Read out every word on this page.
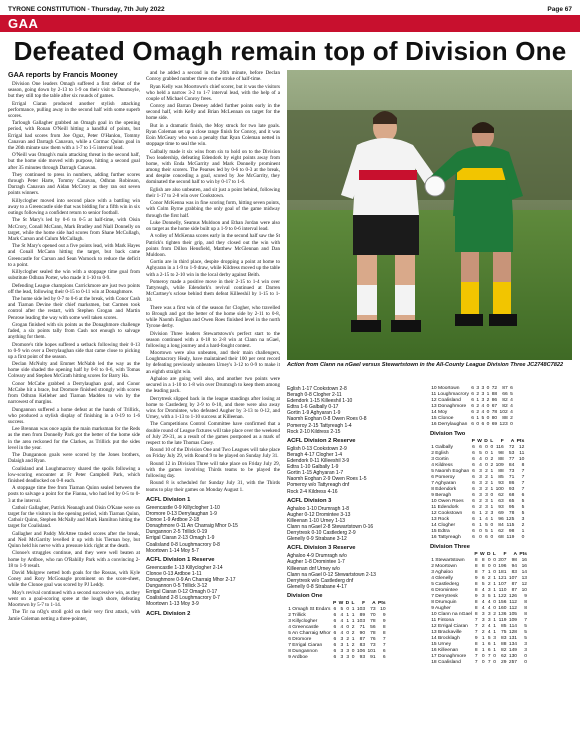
TYRONE CONSTITUTION - Thursday, 7th July 2022	Page 67
GAA
Defeated Omagh remain top of Division One
GAA reports by Francis Mooney

Division One leaders Omagh suffered a first defeat of the season, going down by 2-13 to 1-9 on their visit to Dunmoyle, but they still top the table after six rounds of games.

Errigal Ciaran produced another stylish attacking performance, pulling away in the second half with some superb scores.

Tarlough Gallagher grabbed an Omagh goal in the opening period, with Ronan O'Neill hitting a handful of points, but Errigal had scores from Joe Oguz, Peter O'Hanlon, Tommy Canavan and Darragh Canavan, while a Cormac Quinn goal in the 26th minute saw them with a 1-7 to 1-5 interval lead.

O'Neill was Omagh's main attacking threat in the second half, but the home side moved with purpose, hitting a second goal after 35 minutes through Darragh Canavan.

They continued to press in numbers, adding further scores through Peter Harte, Tommy Canavan, Odhran Robinson, Darragh Canavan and Aidan McCrory as they ran out seven points winners.

Killyclogher moved into second place with a battling win away to a Greencastle side that was bidding for a fifth win in six outings following a confident return to senior football.

The St Mary's led by 0-6 to 0-5 at half-time, with Oisin McCrory, Conall McCann, Mark Bradley and Niall Donnelly on target, while the home side had scores from Shane McCullagh, Mark Carson and Calum McCullagh.

The St Mary's opened out a five points lead, with Mark Hayes and Conall McCann hitting the target, but back came Greencastle for Carson and Sean Warnock to reduce the deficit to a point.

Killyclogher sealed the win with a stoppage time goal from substitute Odhran Porter, who made it 1-10 to 0-9.

Defending League champions Carrickmore are just two points off the lead, following their 0-15 to 0-11 win at Donaghmore.

The home side led by 0-7 to 0-6 at the break, with Conor Cash and Tiarnan Devine their chief marksmen, but Carmen took control after the restart, with Stephen Grogan and Martin Penrose leading the way with some well taken scores.

Grogan finished with six points as the Donaghmore challenge faded, a six points tally from Cash not enough to salvage anything for them.

Dromore's title hopes suffered a setback following their 0-13 to 0-9 win over a Derrylaughan side that came close to picking up a first point of the season.

Declan McNulty and Emmet McNabb led the way as the home side shaded the opening half by 0-8 to 0-6, with Tomas Colreary and Stephen McGrath hitting scores for Barry Ha.

Conor McCabe grabbed a Derrylaughan goal, and Conor McCabe hit a brace, but Dromore finished strongly with scores from Odhran Kelleher and Tiarnan Madden to win by the narrowest of margins.

Dungannon suffered a home defeat at the hands of Trillick, who produced a stylish display of finishing in a 0-19 to 1-6 success.

Lee Brennan was once again the main marksman for the Reds as the men from Donnelly Park got the better of the home side in the area reckoned for the Clarkes, as Trillick put the sides level in the year.

The Dungannon goals were scored by the Jones brothers, Dalaigh and Ryan.

Coalisland and Loughmacrory shared the spoils following a low-scoring encounter at Fr Peter Campbell Park, which finished deadlocked on 0-8 each.

A stoppage time free from Tiarnan Quinn sealed between the posts to salvage a point for the Fianna, who had led by 0-5 to 0-3 at the interval.

Cathoir Gallagher, Patrick Neanagh and Oisin O'Kane were on target for the visitors in the opening period, with Tiarnan Quinn, Cathoir Quinn, Stephen McNally and Mark Hamilton hitting the target for Coalisland.

Gallagher and Paddy McAttee traded scores after the break, and Neil McGarrity levelled it up with his Tiernan boy, but Quinn held his nerve with a pressure kick right at the death.

Clonoe's struggles continue, and they were well beaten at home by Ardboe, who ran O'Rahilly Park with a convincing 2-18 to 1-9 result.

David Mulgrew netted both goals for the Rossas, with Kyle Coney and Rory McGonagle prominent on the score-sheet, while the Clonoe goal was scored by PJ Leddy.

Moy's revival continued with a second successive win, as they went on a goal-scoring spree at the lough shore, defeating Moortown by 5-7 to 1-14.

The Tir na nOg's stroll gold on their very first attack, with Jamie Coleman netting a three-pointer,

and he added a second in the 26th minute, before Declan Conroy grabbed number three on the stroke of half-time.

Ryan Kelly was Moortown's chief scorer, but it was the visitors who held a narrow 3-2 to 1-7 interval lead, with the help of a couple of Michael Conroy frees.

Conroy and Barran Deeney added further points early in the second half, with Kelly and Brian McLennan on target for the home side.

But in a dramatic finish, the Moy struck for two late goals. Ryan Coleman set up a close range finish for Conroy, and it was Eoin McGeary who won a penalty that Ryan Coleman netted in stoppage time to seal the win.

Galbally made it six wins from six to hold on to the Division Two leadership, defeating Edendork by eight points away from home, with Enda McGarrity and Mark Donnelly prominent among their scorers. The Pearses led by 0-6 to 0-3 at the break, and despite conceding a goal, scored by Joe McGarrity, they dominated the second half to win by 0-17 to 1-6.

Eglish are also unbeaten, and sit just a point behind, following their 1-17 to 2-8 win over Cookstown.

Conor McKenna was in fine scoring form, hitting seven points, with Colm Byrne grabbing the only goal of the game midway through the first half.

Luke Donnelly, Seamus Muldoon and Ethan Jordan were also on target as the home side built up a 1-9 to 0-6 interval lead.

A volley of McKenna scores early in the second half saw the St Patrick's tighten their grip, and they closed out the win with points from Dillon Hensfield, Matthew McGlennan and Dan Muldoon.

Gortin are in third place, despite dropping a point at home to Aghyaran in a 1-9 to 1-9 draw, while Kildress moved up the table with a 2-15 to 2-10 win in the local derby against Beith.

Pomeroy made a positive move in their 2-15 to 1-4 win over Tattyreagh, while Edendork's revival continued at Darren McCartney's sclose behind them defeat Killeeshil by 1-15 to 1-10.

There was a first win of the season for Clogher, who travelled to Brough and got the better of the home side by 2-11 to 0-8, while Naomh Eoghan and Owen Roes finished level in the north Tyrone derby.

Division Three leaders Stewartstown's perfect start to the season continued with a 0-18 to 2-8 win at Clann na nGael, following a long journey and a hard-fought contest.

Moortown were also unbeaten, and their main challengers, Loughmacrory Healy, have maintained their 100 per cent record by defeating previously unbeaten Urney's 3-12 to 0-9 to make it an eighth straight win.

Aghaloo are going well also, and another two points were secured in a 1-10 to 1-8 win over Drumragh to keep them among the leading pack.

Derrytresk slipped back in the league standings after losing at home to Castlederg by 2-9 to 0-10, and there were also away wins for Dromintee, who defeated Augher by 3-13 to 0-12, and Urney, with a 1-13 to 1-10 success at Killeenan.

The Competitions Control Committee have confirmed that a double round of League fixtures will take place over the weekend of July 29-31, as a result of the games postponed as a mark of respect to the late Thomas Casey.

Round 10 of the Division One and Two Leagues will take place on Friday July 29, with Round 9 to be played on Sunday July 31.

Round 12 in Division Three will take place on Friday July 29, with the games involving Thirds teams to be played the following day.

Round 8 is scheduled for Sunday July 31, with the Thirds teams to play their games on Monday August 1.

ACFL Division 1
Greencastle 0-9 Killyclogher 1-10
Dromore 0-13 Derrylaughan 1-9
Clonoe 1-9 Ardboe 2-18
Donaghmore 0-11 An Charraig Mhor 0-15
Dungannon 2-5 Trillick 0-19
Errigal Ciaran 2-13 Omagh 1-9
Coalisland 0-8 Loughmacrory 0-8
Moortown 1-14 Moy 5-7
ACFL Division 1 Reserve
Greencastle 1-13 Killyclogher 2-14
Clonoe 0-13 Ardboe 1-11
Donaghmore 0-9 An Charraig Mhor 2-17
Dungannon 0-5 Trillick 3-12
Errigal Ciaran 0-12 Omagh 0-17
Coalisland 2-8 Loughmacrory 0-7
Moortown 1-13 Moy 3-9
ACFL Division 2
Action from Clann na nGael versus Stewartstown in the All-County League Division Three JC2748C7822
Eglish 1-17 Cookstown 2-8
Beragh 0-8 Clogher 2-11
Edendork 1-15 Killeeshil 1-10
Edtra 1-6 Galbally 0-17
Gortin 1-9 Aghyaran 1-9
Naomh Eoghan 0-8 Owen Roes 0-8
Pomeroy 2-15 Tattyreagh 1-4
Rock 2-10 Kildress 2-15
ACFL Division 2 Reserve
Eglish 0-13 Cookstown 2-9
Beragh 4-17 Clogher 1-4
Edendork 0-11 Killeeshil 3-9
Edtra 1-10 Galbally 1-9
Gortin 1-15 Aghyaran 1-7
Naomh Eoghan 2-9 Owen Roes 1-5
Pomeroy w/o Tattyreagh dnf
Rock 2-4 Kildress 4-16
ACFL Division 3
Aghaloo 1-10 Drumragh 1-8
Augher 0-12 Dromintee 3-13
Killeenan 1-10 Urney 1-13
Clann na nGael 2-8 Stewartstown 0-16
Derrytresk 0-10 Castlederg 2-9
Glenelly 0-9 Strabane 3-12
ACFL Division 3 Reserve
Aghaloo 4-9 Drumragh w/o
Augher 1-8 Dromintee 1-7
Killeenan dnf Urney w/o
Clann na nGael 0-12 Stewartstown 2-13
Derrytresk w/o Castlederg dnf
Glenelly 0-8 Strabane 4-17
Division One
	P	W	D	L	F	A	Pts
1 Omagh St Enda's	6	5	0	1	103	73	10
2 Trillick	6	4	1	1	89	70	9
3 Killyclogher	6	4	1	1	103	78	9
4 Greencastle	6	4	0	2	71	56	8
5 An Charraig Mhor	6	4	0	2	90	78	8
6 Dromore	6	3	2	1	87	76	7
7 Errigal Ciaran	6	3	1	2	83	73	7
8 Dungannon	6	3	3	0	106	101	6
9 Ardboe	6	3	3	0	93	91	6
10 Moortown	6	3	3	0	72	87	6
11 Loughmacrory	6	2	3	1	88	66	5
12 Coalisland	6	1	3	2	86	82	4
13 Donaghmore	6	2	4	0	67	82	4
14 Moy	6	2	4	0	78	102	4
15 Clonoe	6	1	5	0	80	88	2
16 Derrylaughan	6	0	6	0	69	123	0
Division Two
	P	W	D	L	F	A	Pts
1 Galbally	6	6	0	0	116	72	12
2 Eglish	6	5	0	1	98	53	11
3 Gortin	6	4	0	2	88	77	10
4 Kildress	6	4	0	2	109	84	8
5 Naomh Eoghan	6	3	2	1	88	73	7
6 Pomeroy	6	3	2	1	85	71	7
7 Aghyaran	6	3	2	1	93	86	7
8 Edendork	6	3	2	1	100	93	7
9 Beragh	6	3	3	0	62	68	6
10 Owen Roes	6	2	3	1	63	65	5
11 Edendork	6	2	3	1	93	95	5
12 Cookstown	6	1	2	3	69	78	5
13 Rock	6	1	4	1	96	125	3
14 Clogher	6	1	5	0	84	115	2
15 Edtra	6	0	5	1	62	98	1
16 Tattyreagh	6	0	6	0	68	119	0
Division Three
	P	W	D	L	F	A	Pts
1 Stewartstown	8	8	0	0	207	98	16
2 Moortown	8	8	0	0	196	94	16
3 Aghaloo	8	7	1	0	181	83	14
4 Glenelly	9	6	2	1	121	107	13
5 Castlederg	8	5	2	1	107	87	12
6 Dromintee	8	4	3	1	110	87	10
7 Derrytresk	9	3	5	1	122	126	9
8 Drumquin	8	4	4	0	156	112	8
9 Augher	8	4	4	0	160	112	8
10 Clann na nGael	8	3	3	2	136	105	8
11 Fintona	7	3	3	1	119	109	7
12 Errigal Ciaran	7	2	4	1	85	114	5
13 Brackaville	7	2	4	1	75	128	5
14 Brocklagh	9	1	5	3	83	131	5
15 Urney	8	1	6	1	88	134	3
16 Killeenan	8	1	6	1	82	149	3
17 Donaghmore	7	0	7	0	62	130	0
18 Coalisland	7	0	7	0	29	257	0
